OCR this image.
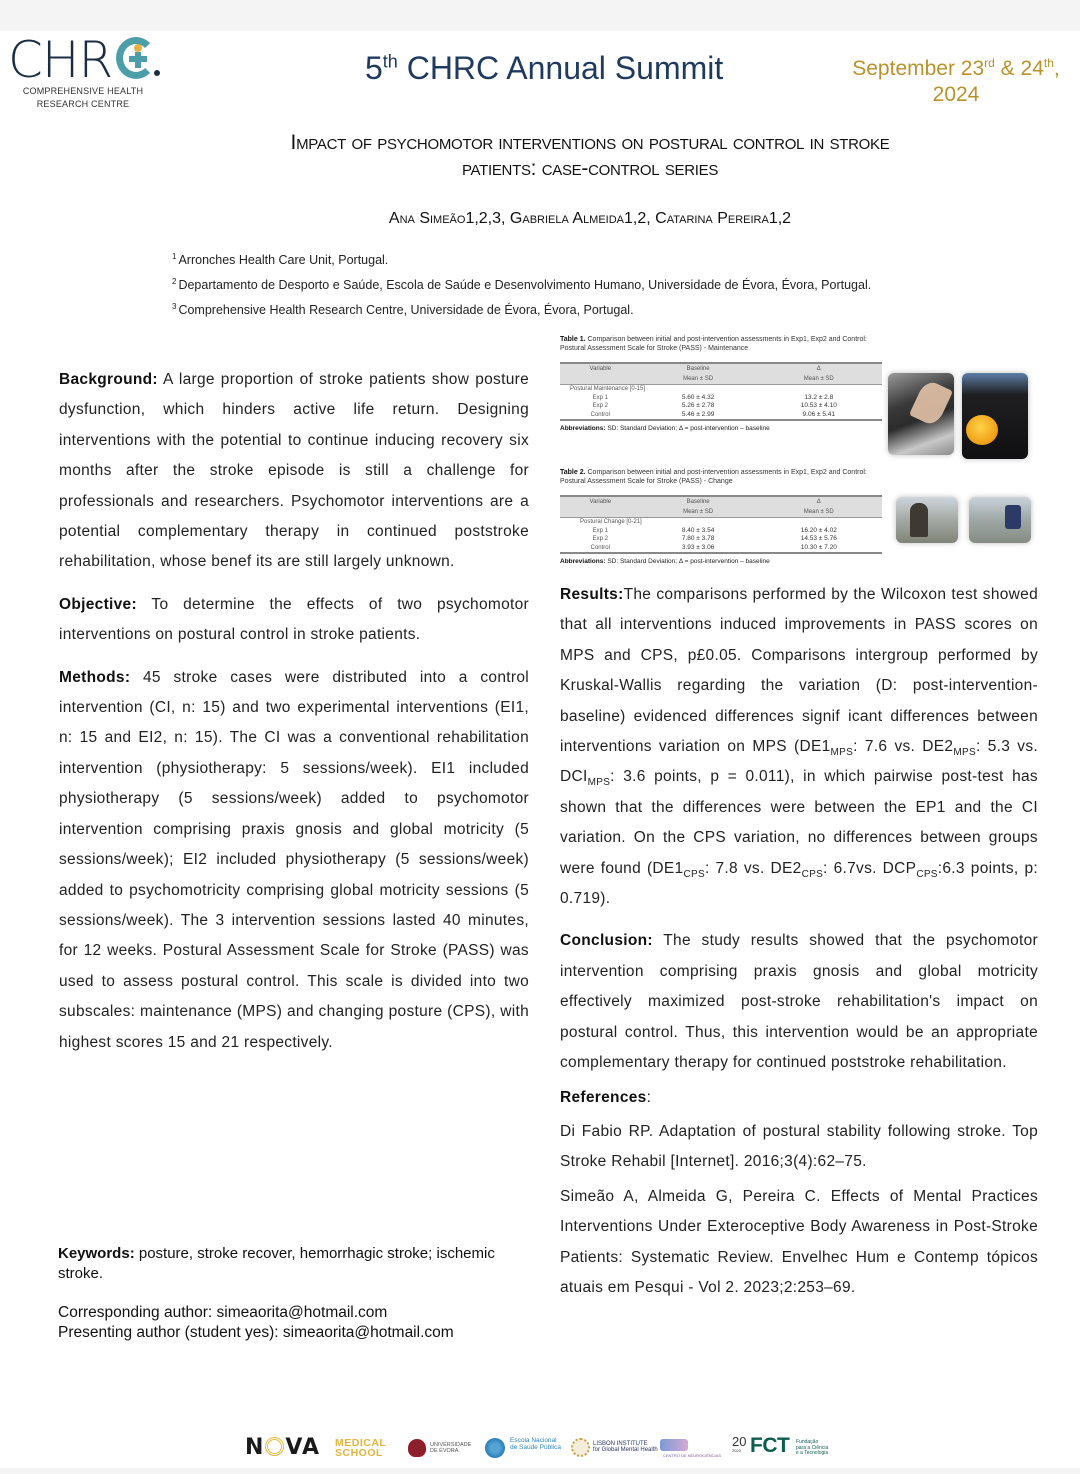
CHR
COMPREHENSIVE HEALTH
RESEARCH CENTRE
5th CHRC Annual Summit	September 23rd & 24th,
2024
Impact of psychomotor interventions on postural control in stroke
patients: case-control series
Ana Simeão1,2,3, Gabriela Almeida1,2, Catarina Pereira1,2
$^1$ Arronches Health Care Unit, Portugal.
$^2$ Departamento de Desporto e Saúde, Escola de Saúde e Desenvolvimento Humano, Universidade de Évora, Évora, Portugal.
$^3$ Comprehensive Health Research Centre, Universidade de Évora, Évora, Portugal.

Background: A large proportion of stroke patients show posture dysfunction, which hinders active life return. Designing interventions with the potential to continue inducing recovery six months after the stroke episode is still a challenge for professionals and researchers. Psychomotor interventions are a potential complementary therapy in continued poststroke rehabilitation, whose benef its are still largely unknown.

Objective: To determine the effects of two psychomotor interventions on postural control in stroke patients.

Methods: 45 stroke cases were distributed into a control intervention (CI, n: 15) and two experimental interventions (EI1, n: 15 and EI2, n: 15). The CI was a conventional rehabilitation intervention (physiotherapy: 5 sessions/week). EI1 included physiotherapy (5 sessions/week) added to psychomotor intervention comprising praxis gnosis and global motricity (5 sessions/week); EI2 included physiotherapy (5 sessions/week) added to psychomotricity comprising global motricity sessions (5 sessions/week). The 3 intervention sessions lasted 40 minutes, for 12 weeks. Postural Assessment Scale for Stroke (PASS) was used to assess postural control. This scale is divided into two subscales: maintenance (MPS) and changing posture (CPS), with highest scores 15 and 21 respectively.

Keywords: posture, stroke recover, hemorrhagic stroke; ischemic stroke.
Corresponding author: simeaorita@hotmail.com
Presenting author (student yes): simeaorita@hotmail.com
Table 1. Comparison between initial and post-intervention assessments in Exp1, Exp2 and Control: Postural Assessment Scale for Stroke (PASS) - Maintenance
Variable	Baseline	Δ
	Mean ± SD	Mean ± SD
Postural Maintenance [0-15]		
Exp 1	5.60 ± 4.32	13.2 ± 2.8
Exp 2	5.26 ± 2.78	10.53 ± 4.10
Control	5.46 ± 2.99	9.06 ± 5.41
Abbreviations: SD: Standard Deviation; Δ = post-intervention – baseline
Table 2. Comparison between initial and post-intervention assessments in Exp1, Exp2 and Control: Postural Assessment Scale for Stroke (PASS) - Change
Variable	Baseline	Δ
	Mean ± SD	Mean ± SD
Postural Change [0-21]		
Exp 1	8.40 ± 3.54	16.20 ± 4.02
Exp 2	7.80 ± 3.78	14.53 ± 5.76
Control	3.93 ± 3.06	10.30 ± 7.20
Abbreviations: SD: Standard Deviation; Δ = post-intervention – baseline

Results:The comparisons performed by the Wilcoxon test showed that all interventions induced improvements in PASS scores on MPS and CPS, p£0.05. Comparisons intergroup performed by Kruskal-Wallis regarding the variation (D: post-intervention-baseline) evidenced differences signif icant differences between interventions variation on MPS ($DE1_{MPS}$: 7.6 vs. $DE2_{MPS}$: 5.3 vs. $DCI_{MPS}$: 3.6 points, p = 0.011), in which pairwise post-test has shown that the differences were between the EP1 and the CI variation. On the CPS variation, no differences between groups were found ($DE1_{CPS}$: 7.8 vs. $DE2_{CPS}$: 6.7vs. $DCP_{CPS}:6.3$ points, p: 0.719).

Conclusion: The study results showed that the psychomotor intervention comprising praxis gnosis and global motricity effectively maximized post-stroke rehabilitation's impact on postural control. Thus, this intervention would be an appropriate complementary therapy for continued poststroke rehabilitation.

References:

Di Fabio RP. Adaptation of postural stability following stroke. Top Stroke Rehabil [Internet]. 2016;3(4):62–75.

Simeão A, Almeida G, Pereira C. Effects of Mental Practices Interventions Under Exteroceptive Body Awareness in Post-Stroke Patients: Systematic Review. Envelhec Hum e Contemp tópicos atuais em Pesqui - Vol 2. 2023;2:253–69.

N VA MEDICAL
SCHOOL
UNIVERSIDADE
DE ÉVORA
Escola Nacional
de Saúde Pública	LISBON INSTITUTE
for Global Mental Health
CENTRO DE NEUROCIÊNCIAS
20
2023 FCT Fundação
para a Ciência
e a Tecnologia
